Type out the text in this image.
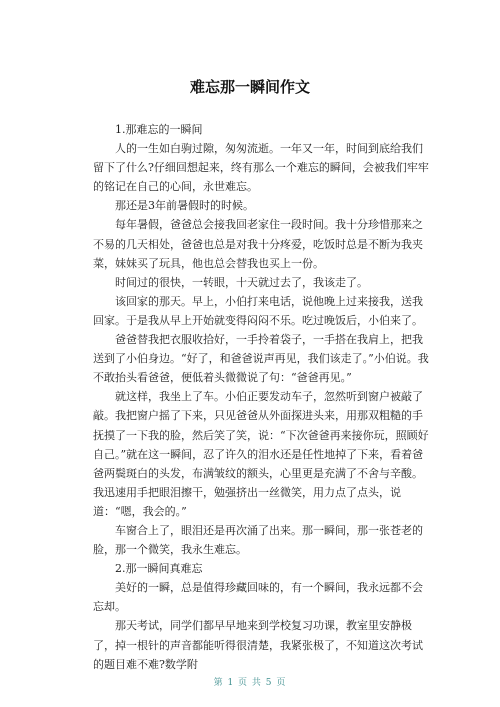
难忘那一瞬间作文

1.那难忘的一瞬间

人的一生如白驹过隙，匆匆流逝。一年又一年，时间到底给我们留下了什么?仔细回想起来，终有那么一个难忘的瞬间，会被我们牢牢的铭记在自己的心间，永世难忘。

那还是3年前暑假时的时候。

每年暑假，爸爸总会接我回老家住一段时间。我十分珍惜那来之不易的几天相处，爸爸也总是对我十分疼爱，吃饭时总是不断为我夹菜，妹妹买了玩具，他也总会替我也买上一份。

时间过的很快，一转眼，十天就过去了，我该走了。

该回家的那天。早上，小伯打来电话，说他晚上过来接我，送我回家。于是我从早上开始就变得闷闷不乐。吃过晚饭后，小伯来了。

爸爸替我把衣服收拾好，一手拎着袋子，一手搭在我肩上，把我送到了小伯身边。“好了，和爸爸说声再见，我们该走了。”小伯说。我不敢抬头看爸爸，便低着头微微说了句：“爸爸再见。”

就这样，我坐上了车。小伯正要发动车子，忽然听到窗户被敲了敲。我把窗户摇了下来，只见爸爸从外面探进头来，用那双粗糙的手抚摸了一下我的脸，然后笑了笑，说：“下次爸爸再来接你玩，照顾好自己。”就在这一瞬间，忍了许久的泪水还是任性地掉了下来，看着爸爸两鬓斑白的头发，布满皱纹的额头，心里更是充满了不舍与辛酸。我迅速用手把眼泪擦干，勉强挤出一丝微笑，用力点了点头，说道：“嗯，我会的。”

车窗合上了，眼泪还是再次涌了出来。那一瞬间，那一张苍老的脸，那一个微笑，我永生难忘。

2.那一瞬间真难忘

美好的一瞬，总是值得珍藏回味的，有一个瞬间，我永远都不会忘却。

那天考试，同学们都早早地来到学校复习功课，教室里安静极了，掉一根针的声音都能听得很清楚，我紧张极了，不知道这次考试的题目难不难?数学附

第 1 页 共 5 页
